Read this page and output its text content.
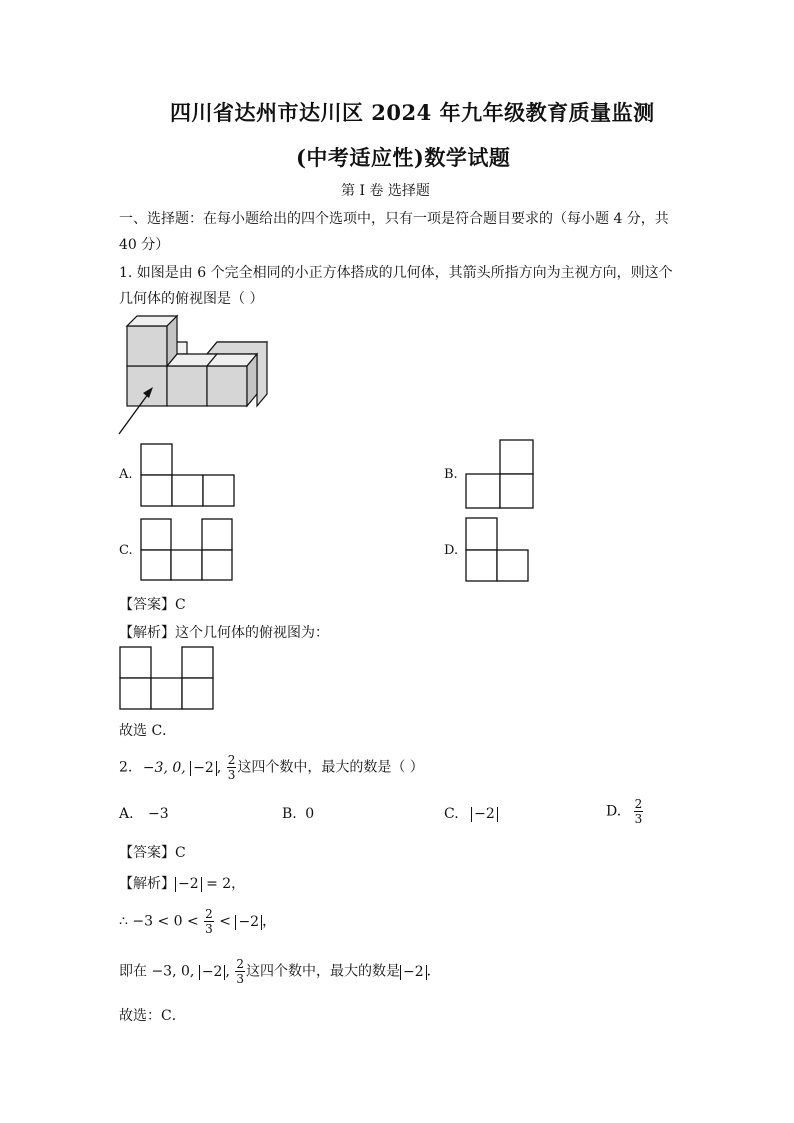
四川省达州市达川区 2024 年九年级教育质量监测
(中考适应性)数学试题
第 I 卷 选择题
一、选择题：在每小题给出的四个选项中，只有一项是符合题目要求的（每小题 4 分，共
40 分）
1. 如图是由 6 个完全相同的小正方体搭成的几何体，其箭头所指方向为主视方向，则这个
几何体的俯视图是（ ）
A.	B.
C.	D.
【答案】C
【解析】这个几何体的俯视图为：
故选 C．
2. −3, 0, −2 , $\frac{2}{3}$ 这四个数中，最大的数是（ ）
A. −3	B. 0	C. −2	D. $\frac{2}{3}$
【答案】C
【解析】 −2 = 2，
∴ $-3 < 0 < \frac{2}{3} < -2$ ，
即在 −3, 0, −2 , $\frac{2}{3}$ 这四个数中，最大的数是 −2 ．
故选：C．
